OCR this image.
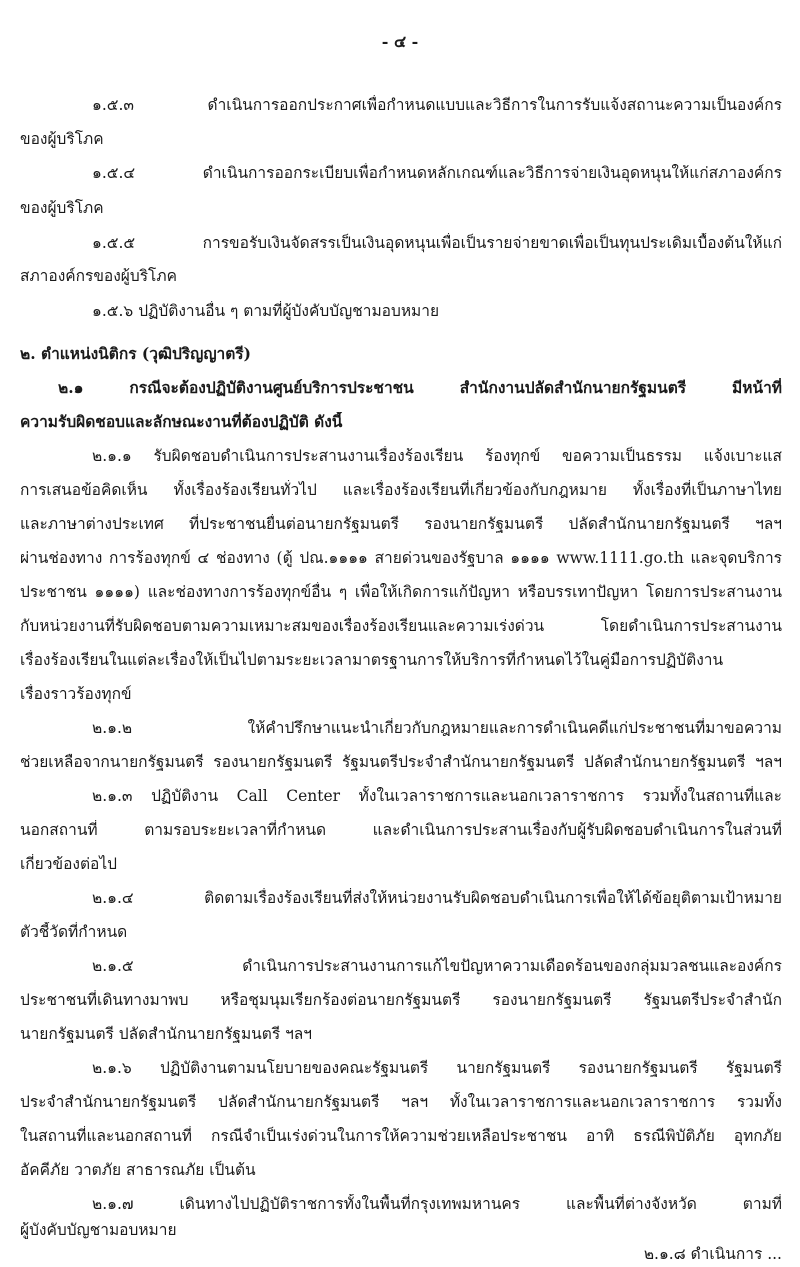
- ๔ -
๑.๕.๓ ดำเนินการออกประกาศเพื่อกำหนดแบบและวิธีการในการรับแจ้งสถานะความเป็นองค์กร
ของผู้บริโภค
๑.๕.๔ ดำเนินการออกระเบียบเพื่อกำหนดหลักเกณฑ์และวิธีการจ่ายเงินอุดหนุนให้แก่สภาองค์กร
ของผู้บริโภค
๑.๕.๕ การขอรับเงินจัดสรรเป็นเงินอุดหนุนเพื่อเป็นรายจ่ายขาดเพื่อเป็นทุนประเดิมเบื้องต้นให้แก่
สภาองค์กรของผู้บริโภค
๑.๕.๖ ปฏิบัติงานอื่น ๆ ตามที่ผู้บังคับบัญชามอบหมาย
๒. ตำแหน่งนิติกร (วุฒิปริญญาตรี)
๒.๑ กรณีจะต้องปฏิบัติงานศูนย์บริการประชาชน สำนักงานปลัดสำนักนายกรัฐมนตรี มีหน้าที่
ความรับผิดชอบและลักษณะงานที่ต้องปฏิบัติ ดังนี้
๒.๑.๑ รับผิดชอบดำเนินการประสานงานเรื่องร้องเรียน ร้องทุกข์ ขอความเป็นธรรม แจ้งเบาะแส
การเสนอข้อคิดเห็น ทั้งเรื่องร้องเรียนทั่วไป และเรื่องร้องเรียนที่เกี่ยวข้องกับกฎหมาย ทั้งเรื่องที่เป็นภาษาไทย
และภาษาต่างประเทศ ที่ประชาชนยื่นต่อนายกรัฐมนตรี รองนายกรัฐมนตรี ปลัดสำนักนายกรัฐมนตรี ฯลฯ
ผ่านช่องทาง การร้องทุกข์ ๔ ช่องทาง (ตู้ ปณ.๑๑๑๑ สายด่วนของรัฐบาล ๑๑๑๑ www.1111.go.th และจุดบริการ
ประชาชน ๑๑๑๑) และช่องทางการร้องทุกข์อื่น ๆ เพื่อให้เกิดการแก้ปัญหา หรือบรรเทาปัญหา โดยการประสานงาน
กับหน่วยงานที่รับผิดชอบตามความเหมาะสมของเรื่องร้องเรียนและความเร่งด่วน โดยดำเนินการประสานงาน
เรื่องร้องเรียนในแต่ละเรื่องให้เป็นไปตามระยะเวลามาตรฐานการให้บริการที่กำหนดไว้ในคู่มือการปฏิบัติงาน
เรื่องราวร้องทุกข์
๒.๑.๒ ให้คำปรึกษาแนะนำเกี่ยวกับกฎหมายและการดำเนินคดีแก่ประชาชนที่มาขอความ
ช่วยเหลือจากนายกรัฐมนตรี รองนายกรัฐมนตรี รัฐมนตรีประจำสำนักนายกรัฐมนตรี ปลัดสำนักนายกรัฐมนตรี ฯลฯ
๒.๑.๓ ปฏิบัติงาน Call Center ทั้งในเวลาราชการและนอกเวลาราชการ รวมทั้งในสถานที่และ
นอกสถานที่ ตามรอบระยะเวลาที่กำหนด และดำเนินการประสานเรื่องกับผู้รับผิดชอบดำเนินการในส่วนที่
เกี่ยวข้องต่อไป
๒.๑.๔ ติดตามเรื่องร้องเรียนที่ส่งให้หน่วยงานรับผิดชอบดำเนินการเพื่อให้ได้ข้อยุติตามเป้าหมาย
ตัวชี้วัดที่กำหนด
๒.๑.๕ ดำเนินการประสานงานการแก้ไขปัญหาความเดือดร้อนของกลุ่มมวลชนและองค์กร
ประชาชนที่เดินทางมาพบ หรือชุมนุมเรียกร้องต่อนายกรัฐมนตรี รองนายกรัฐมนตรี รัฐมนตรีประจำสำนัก
นายกรัฐมนตรี ปลัดสำนักนายกรัฐมนตรี ฯลฯ
๒.๑.๖ ปฏิบัติงานตามนโยบายของคณะรัฐมนตรี นายกรัฐมนตรี รองนายกรัฐมนตรี รัฐมนตรี
ประจำสำนักนายกรัฐมนตรี ปลัดสำนักนายกรัฐมนตรี ฯลฯ ทั้งในเวลาราชการและนอกเวลาราชการ รวมทั้ง
ในสถานที่และนอกสถานที่ กรณีจำเป็นเร่งด่วนในการให้ความช่วยเหลือประชาชน อาทิ ธรณีพิบัติภัย อุทกภัย
อัคคีภัย วาตภัย สาธารณภัย เป็นต้น
๒.๑.๗ เดินทางไปปฏิบัติราชการทั้งในพื้นที่กรุงเทพมหานคร และพื้นที่ต่างจังหวัด ตามที่
ผู้บังคับบัญชามอบหมาย
๒.๑.๘ ดำเนินการ ...
